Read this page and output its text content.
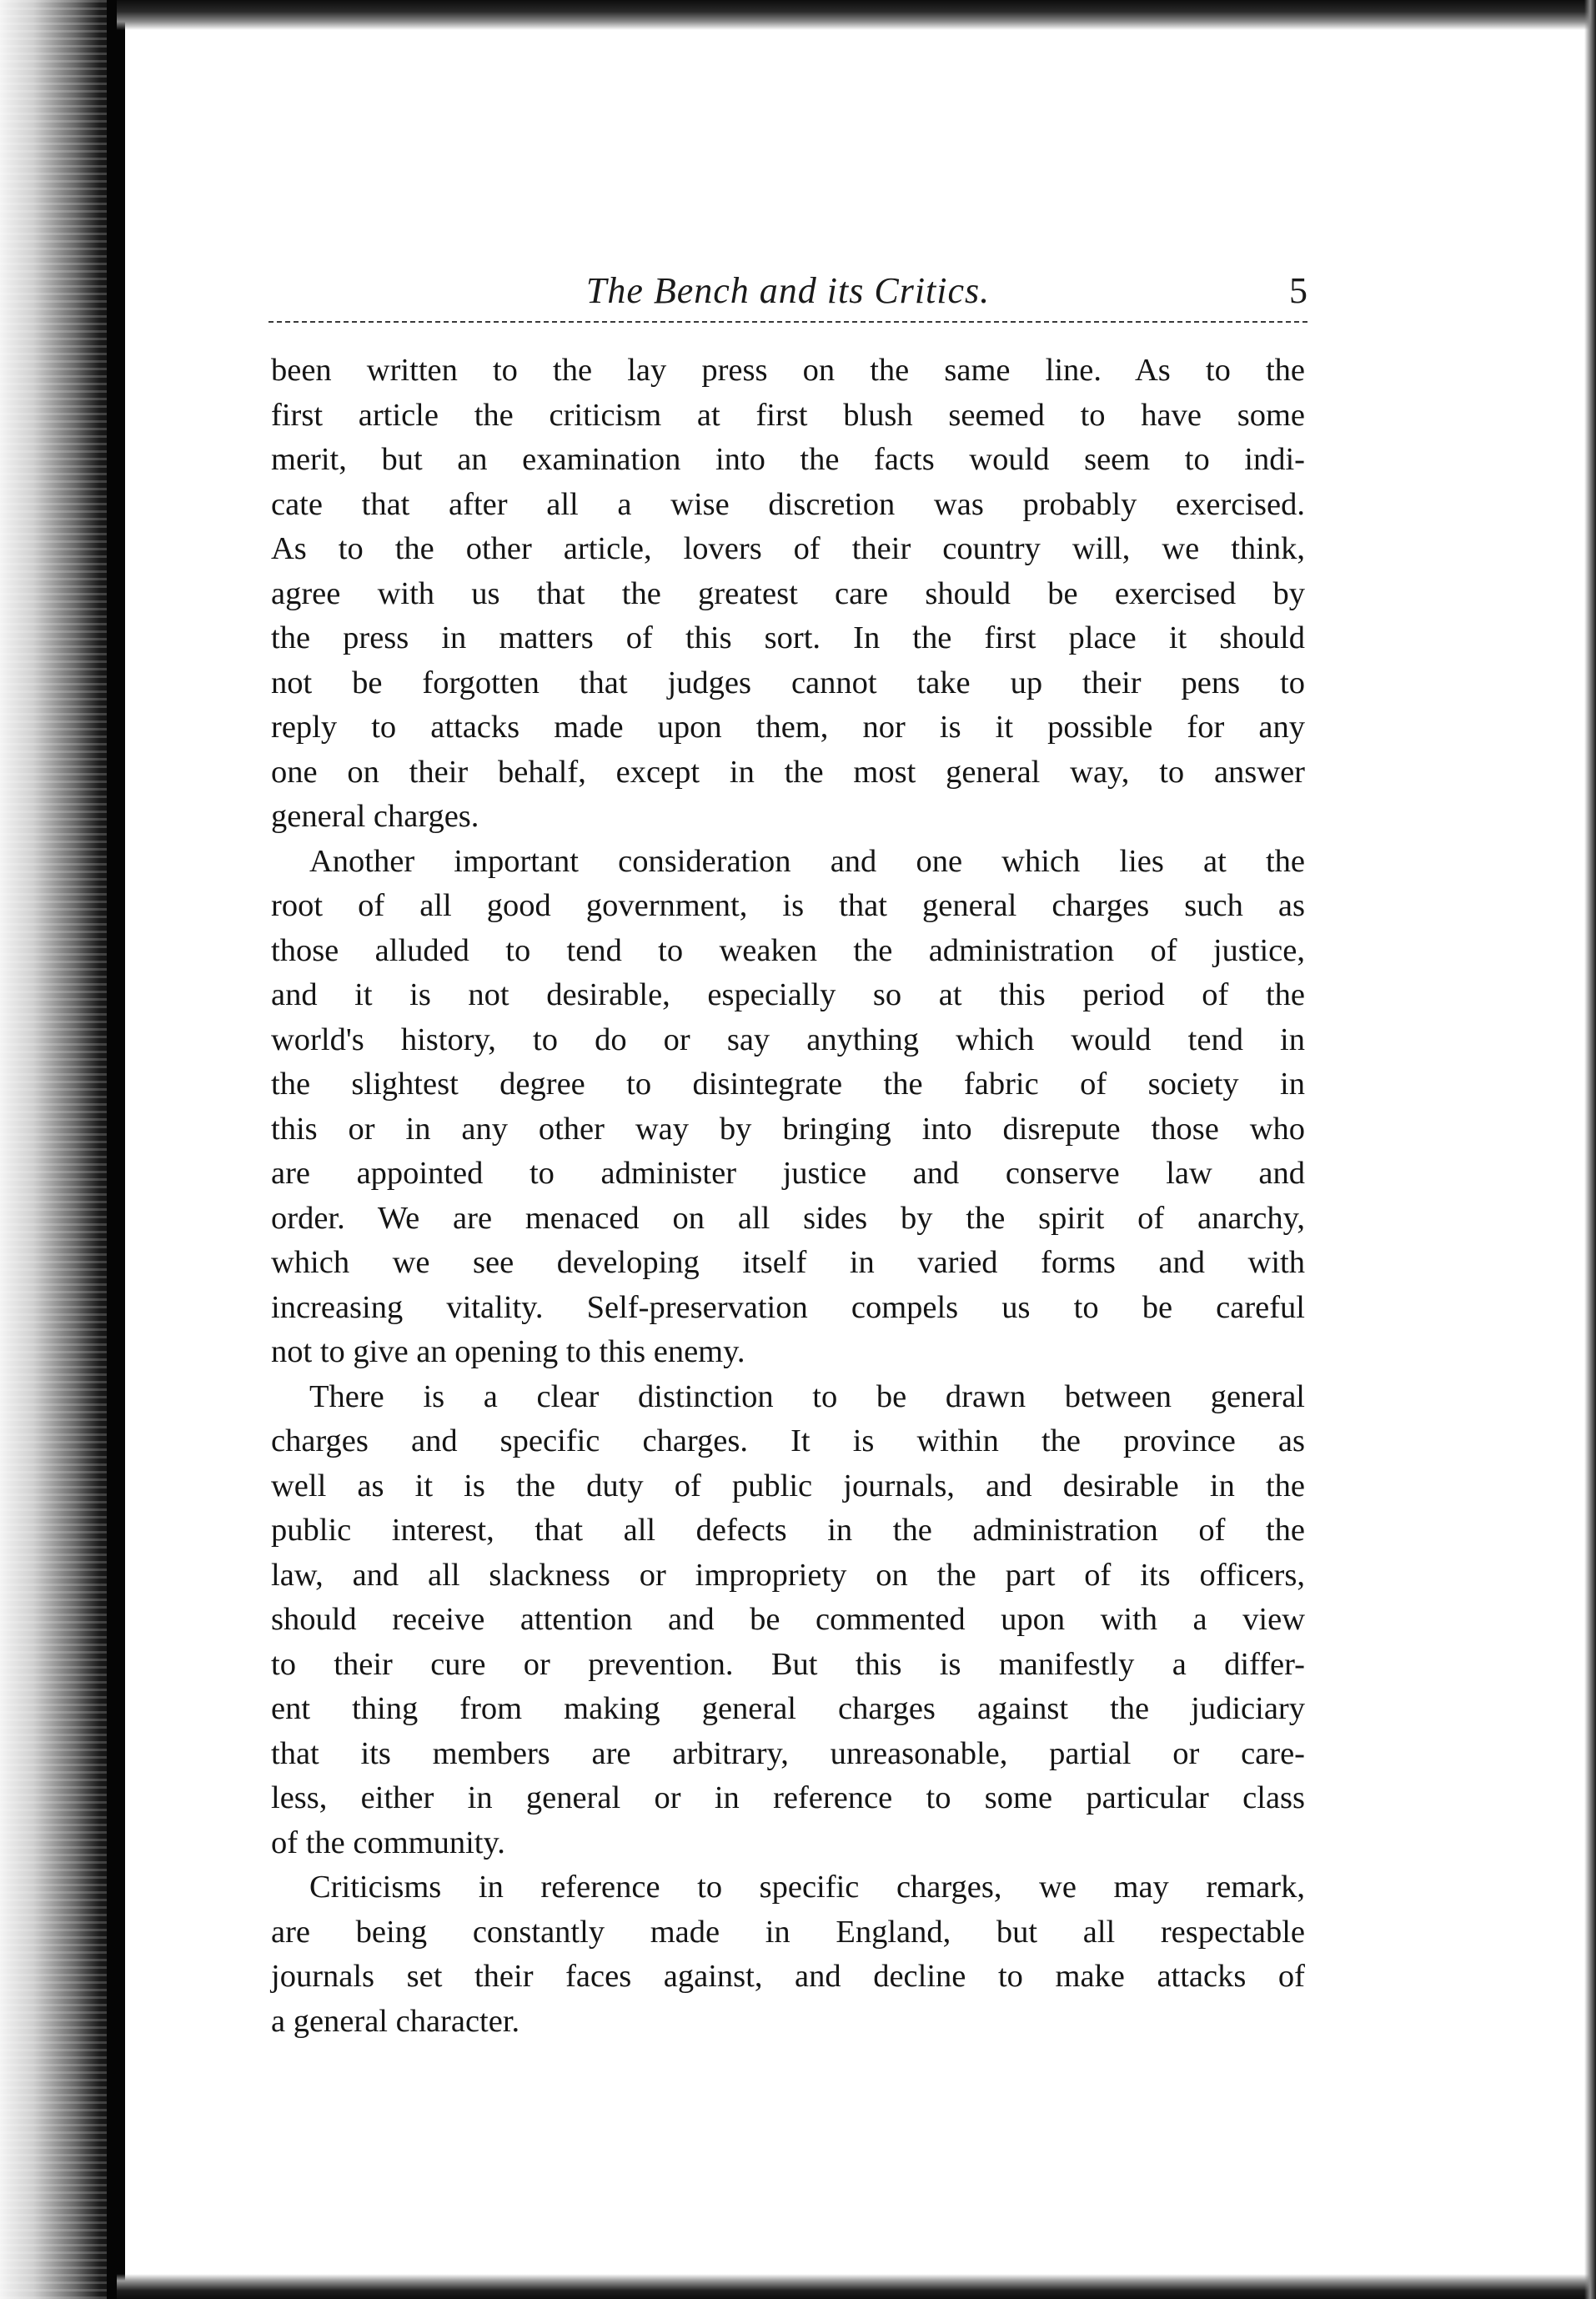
The Bench and its Critics.	5
been written to the lay press on the same line. As to the
first article the criticism at first blush seemed to have some
merit, but an examination into the facts would seem to indi-
cate that after all a wise discretion was probably exercised.
As to the other article, lovers of their country will, we think,
agree with us that the greatest care should be exercised by
the press in matters of this sort. In the first place it should
not be forgotten that judges cannot take up their pens to
reply to attacks made upon them, nor is it possible for any
one on their behalf, except in the most general way, to answer
general charges.
Another important consideration and one which lies at the
root of all good government, is that general charges such as
those alluded to tend to weaken the administration of justice,
and it is not desirable, especially so at this period of the
world's history, to do or say anything which would tend in
the slightest degree to disintegrate the fabric of society in
this or in any other way by bringing into disrepute those who
are appointed to administer justice and conserve law and
order. We are menaced on all sides by the spirit of anarchy,
which we see developing itself in varied forms and with
increasing vitality. Self-preservation compels us to be careful
not to give an opening to this enemy.
There is a clear distinction to be drawn between general
charges and specific charges. It is within the province as
well as it is the duty of public journals, and desirable in the
public interest, that all defects in the administration of the
law, and all slackness or impropriety on the part of its officers,
should receive attention and be commented upon with a view
to their cure or prevention. But this is manifestly a differ-
ent thing from making general charges against the judiciary
that its members are arbitrary, unreasonable, partial or care-
less, either in general or in reference to some particular class
of the community.
Criticisms in reference to specific charges, we may remark,
are being constantly made in England, but all respectable
journals set their faces against, and decline to make attacks of
a general character.
